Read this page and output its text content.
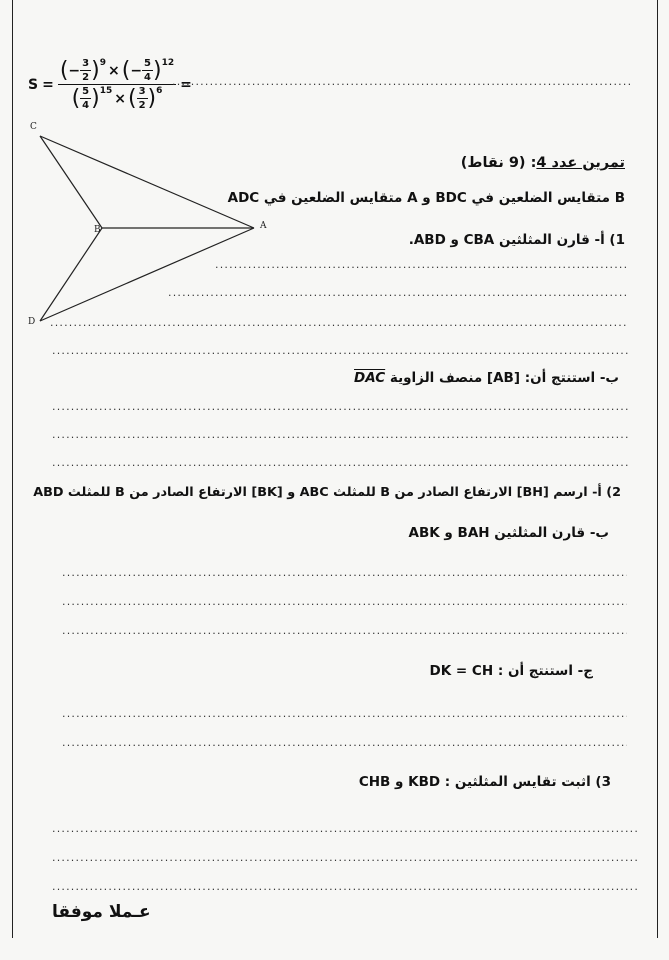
S =
( − $\frac{3}{2}$ ) 9 × ( − $\frac{5}{4}$ ) 12
( $\frac{5}{4}$ ) 15 × ( $\frac{3}{2}$ ) 6 =
.....
C
B	A
D
تمرين عدد 4: (9 نقاط)
ADC متقايس الضلعين في A و BDC متقايس الضلعين في B
1) أ- قارن المثلثين CBA و ABD.
.....
.....
.....
.....
ب- استنتج أن: [AB] منصف الزاوية DAC
.....
.....
.....
2) أ- ارسم [BH] الارتفاع الصادر من B للمثلث ABC و [BK] الارتفاع الصادر من B للمثلث ABD
ب- قارن المثلثين BAH و ABK
.....
.....
.....
ج- استنتج أن : DK = CH
.....
.....
3) اثبت تقايس المثلثين : KBD و CHB
.....
.....
.....
عـملا موفقا
